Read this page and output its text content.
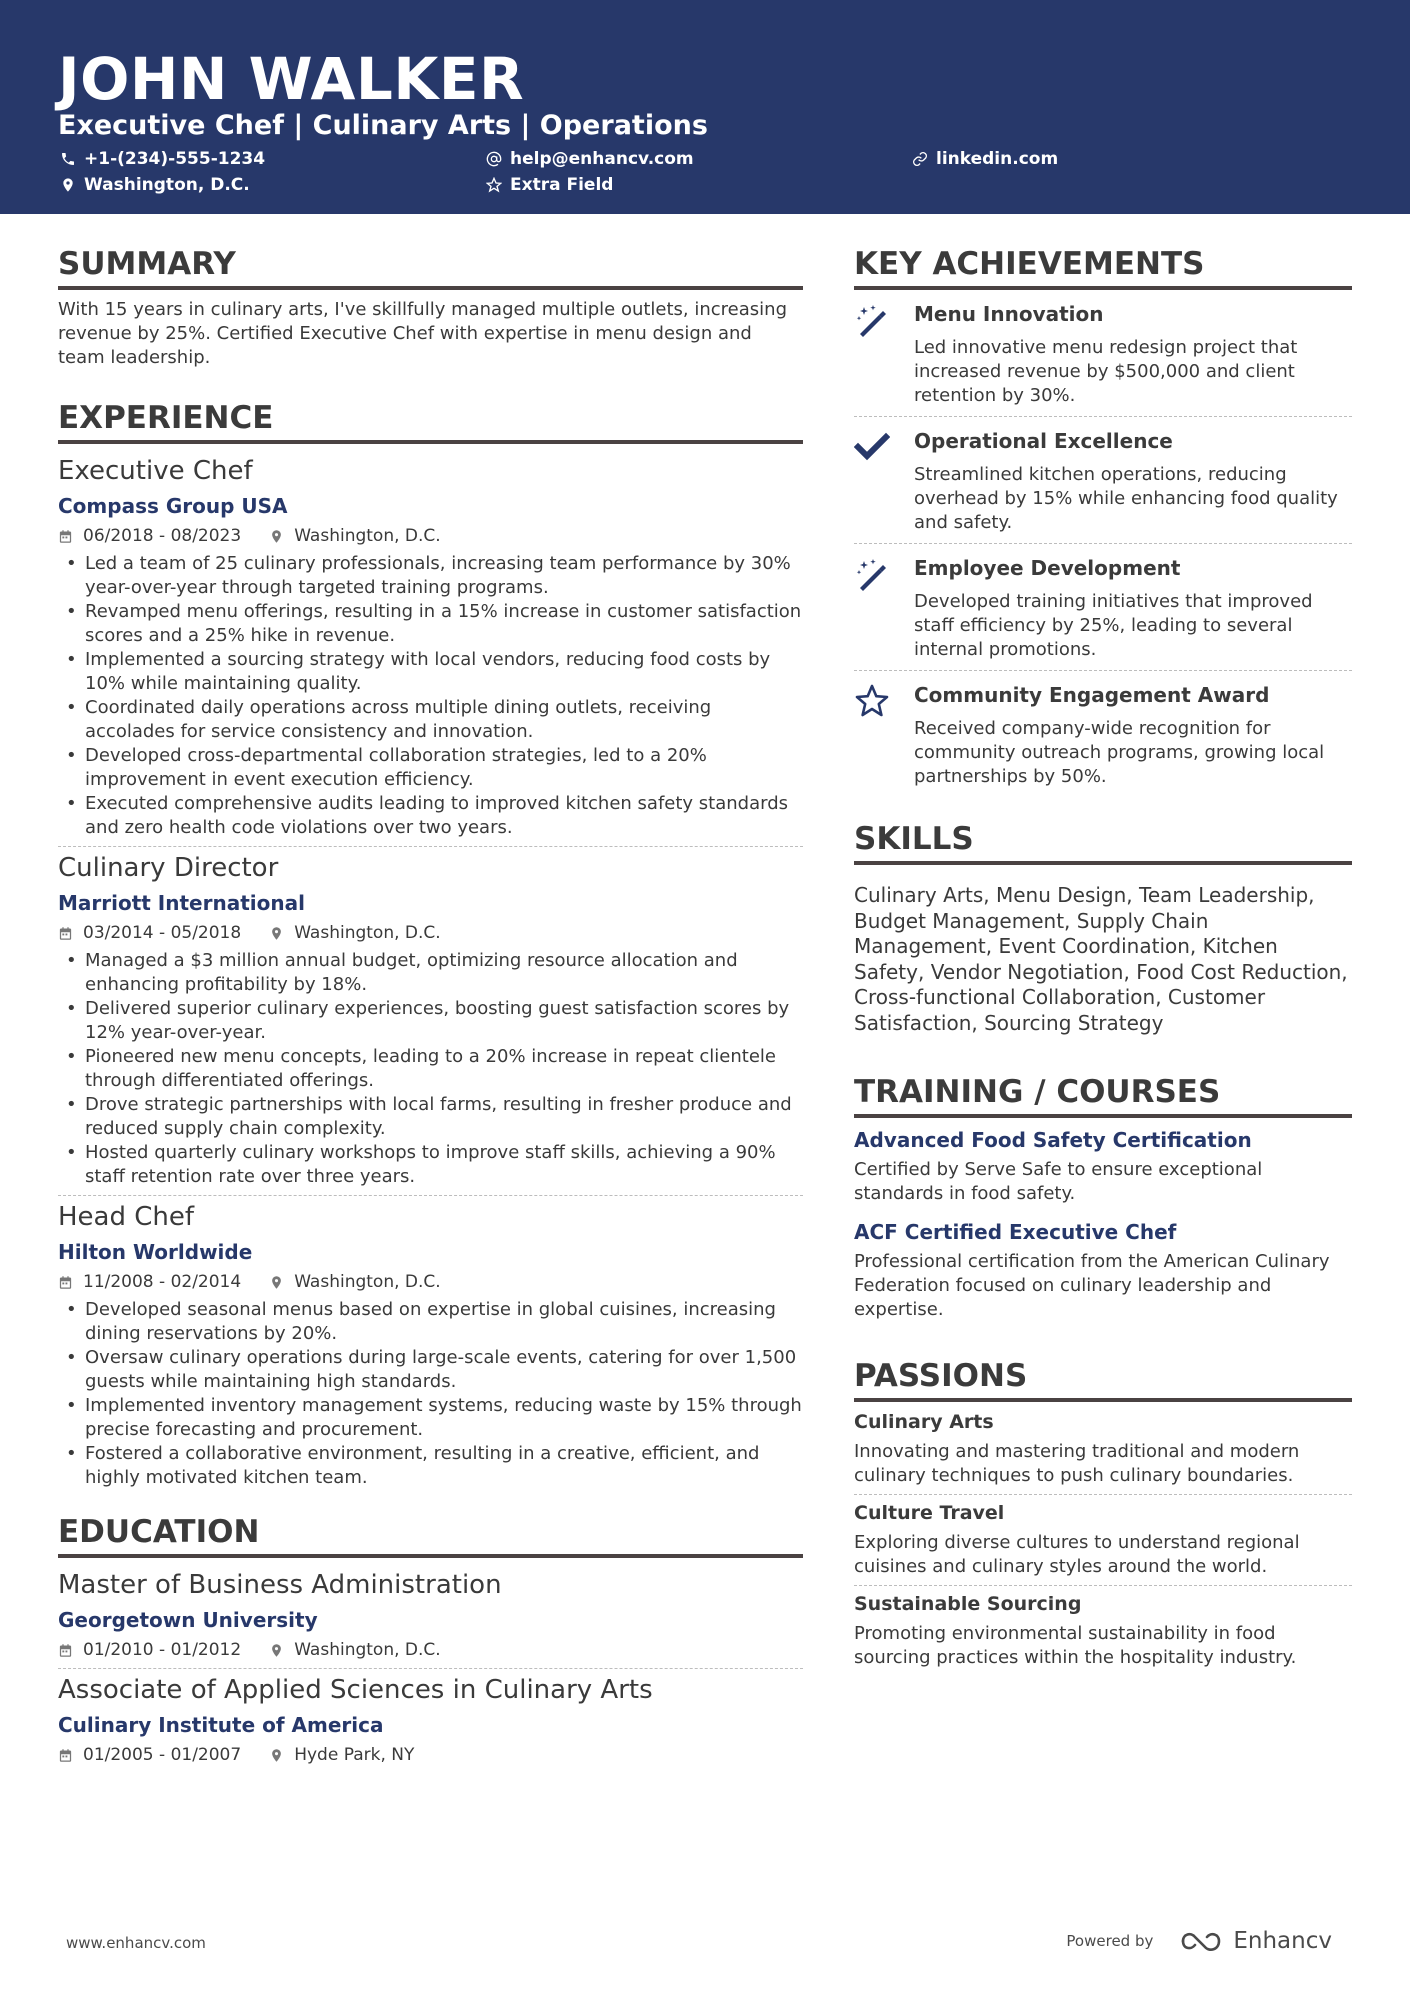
JOHN WALKER
Executive Chef | Culinary Arts | Operations
+1-(234)-555-1234	help@enhancv.com	linkedin.com
Washington, D.C.	Extra Field
SUMMARY
With 15 years in culinary arts, I've skillfully managed multiple outlets, increasing revenue by 25%. Certified Executive Chef with expertise in menu design and team leadership.
EXPERIENCE
Executive Chef
Compass Group USA
06/2018 - 08/2023	Washington, D.C.
• Led a team of 25 culinary professionals, increasing team performance by 30% year-over-year through targeted training programs.
• Revamped menu offerings, resulting in a 15% increase in customer satisfaction scores and a 25% hike in revenue.
• Implemented a sourcing strategy with local vendors, reducing food costs by 10% while maintaining quality.
• Coordinated daily operations across multiple dining outlets, receiving accolades for service consistency and innovation.
• Developed cross-departmental collaboration strategies, led to a 20% improvement in event execution efficiency.
• Executed comprehensive audits leading to improved kitchen safety standards and zero health code violations over two years.
Culinary Director
Marriott International
03/2014 - 05/2018	Washington, D.C.
• Managed a $3 million annual budget, optimizing resource allocation and enhancing profitability by 18%.
• Delivered superior culinary experiences, boosting guest satisfaction scores by 12% year-over-year.
• Pioneered new menu concepts, leading to a 20% increase in repeat clientele through differentiated offerings.
• Drove strategic partnerships with local farms, resulting in fresher produce and reduced supply chain complexity.
• Hosted quarterly culinary workshops to improve staff skills, achieving a 90% staff retention rate over three years.
Head Chef
Hilton Worldwide
11/2008 - 02/2014	Washington, D.C.
• Developed seasonal menus based on expertise in global cuisines, increasing dining reservations by 20%.
• Oversaw culinary operations during large-scale events, catering for over 1,500 guests while maintaining high standards.
• Implemented inventory management systems, reducing waste by 15% through precise forecasting and procurement.
• Fostered a collaborative environment, resulting in a creative, efficient, and highly motivated kitchen team.
EDUCATION
Master of Business Administration
Georgetown University
01/2010 - 01/2012	Washington, D.C.
Associate of Applied Sciences in Culinary Arts
Culinary Institute of America
01/2005 - 01/2007	Hyde Park, NY
KEY ACHIEVEMENTS
Menu Innovation
Led innovative menu redesign project that increased revenue by $500,000 and client retention by 30%.
Operational Excellence
Streamlined kitchen operations, reducing overhead by 15% while enhancing food quality and safety.
Employee Development
Developed training initiatives that improved staff efficiency by 25%, leading to several internal promotions.
Community Engagement Award
Received company-wide recognition for community outreach programs, growing local partnerships by 50%.
SKILLS
Culinary Arts, Menu Design, Team Leadership, Budget Management, Supply Chain Management, Event Coordination, Kitchen Safety, Vendor Negotiation, Food Cost Reduction, Cross-functional Collaboration, Customer Satisfaction, Sourcing Strategy
TRAINING / COURSES
Advanced Food Safety Certification
Certified by Serve Safe to ensure exceptional standards in food safety.
ACF Certified Executive Chef
Professional certification from the American Culinary Federation focused on culinary leadership and expertise.
PASSIONS
Culinary Arts
Innovating and mastering traditional and modern culinary techniques to push culinary boundaries.
Culture Travel
Exploring diverse cultures to understand regional cuisines and culinary styles around the world.
Sustainable Sourcing
Promoting environmental sustainability in food sourcing practices within the hospitality industry.
www.enhancv.com	Powered by	Enhancv
